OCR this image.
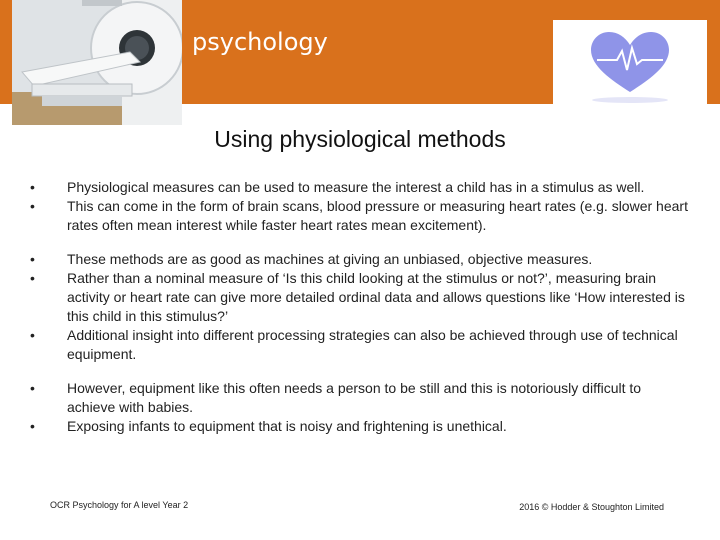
psychology
Using physiological methods
• Physiological measures can be used to measure the interest a child has in a stimulus as well.
• This can come in the form of brain scans, blood pressure or measuring heart rates (e.g. slower heart rates often mean interest while faster heart rates mean excitement).
• These methods are as good as machines at giving an unbiased, objective measures.
• Rather than a nominal measure of ‘Is this child looking at the stimulus or not?’, measuring brain activity or heart rate can give more detailed ordinal data and allows questions like ‘How interested is this child in this stimulus?’
• Additional insight into different processing strategies can also be achieved through use of technical equipment.
• However, equipment like this often needs a person to be still and this is notoriously difficult to achieve with babies.
• Exposing infants to equipment that is noisy and frightening is unethical.
OCR Psychology for A level Year 2	2016 © Hodder & Stoughton Limited
